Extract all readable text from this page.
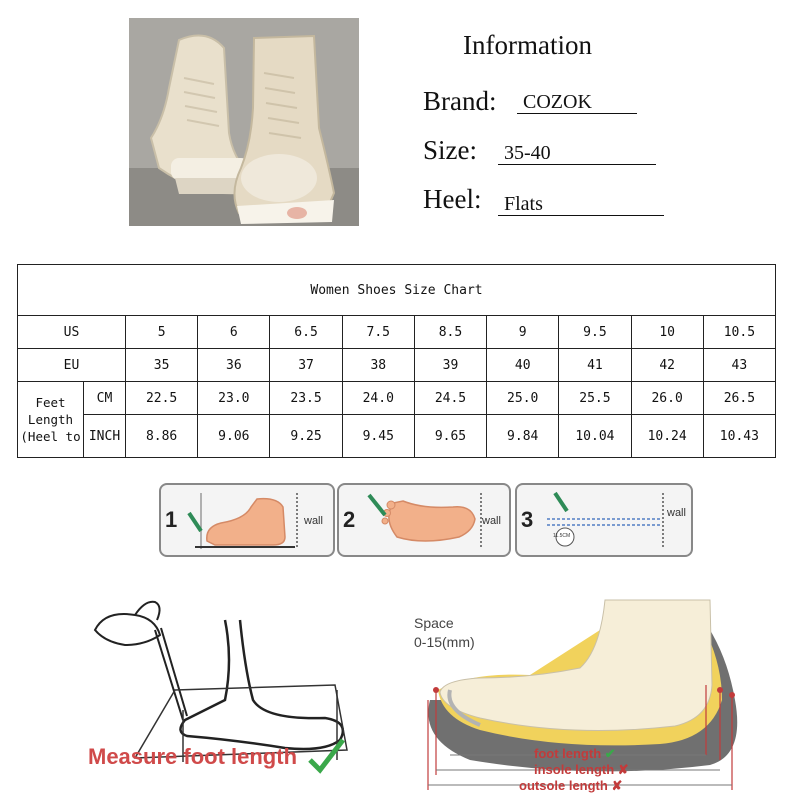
Information
Brand:	COZOK
Size:	35-40
Heel:	Flats
Women Shoes Size Chart										
US		5	6	6.5	7.5	8.5	9	9.5	10	10.5
EU		35	36	37	38	39	40	41	42	43
Feet Length (Heel to	CM	22.5	23.0	23.5	24.0	24.5	25.0	25.5	26.0	26.5
	INCH	8.86	9.06	9.25	9.45	9.65	9.84	10.04	10.24	10.43
1	wall 2	wall 3	wall
11.5CM
Measure foot length
Space
0-15(mm)
foot length ✔
insole length ✘
outsole length ✘
